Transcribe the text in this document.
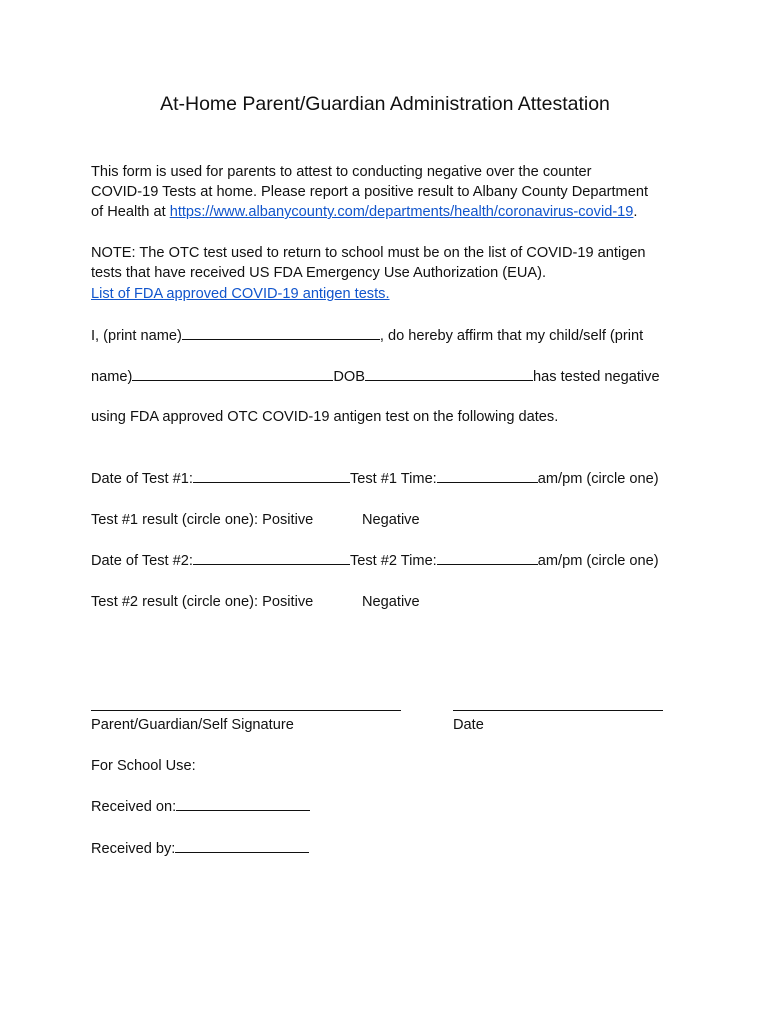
At-Home Parent/Guardian Administration Attestation

This form is used for parents to attest to conducting negative over the counter

COVID-19 Tests at home. Please report a positive result to Albany County Department

of Health at https://www.albanycounty.com/departments/health/coronavirus-covid-19.

NOTE: The OTC test used to return to school must be on the list of COVID-19 antigen

tests that have received US FDA Emergency Use Authorization (EUA).

List of FDA approved COVID-19 antigen tests.

I, (print name)	, do hereby affirm that my child/self (print

name)	DOB	has tested negative

using FDA approved OTC COVID-19 antigen test on the following dates.

Date of Test #1:	Test #1 Time:	am/pm (circle one)

Test #1 result (circle one): Positive	Negative

Date of Test #2:	Test #2 Time:	am/pm (circle one)

Test #2 result (circle one): Positive	Negative

Parent/Guardian/Self Signature	Date

For School Use:

Received on:

Received by:
